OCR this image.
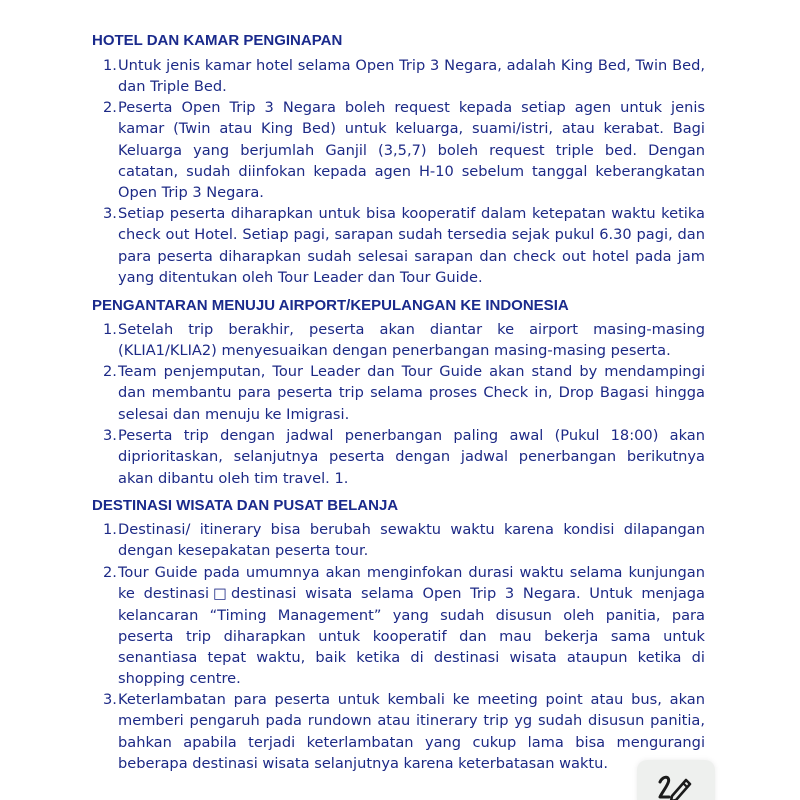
HOTEL DAN KAMAR PENGINAPAN
1. Untuk jenis kamar hotel selama Open Trip 3 Negara, adalah King Bed, Twin Bed, dan Triple Bed.
2. Peserta Open Trip 3 Negara boleh request kepada setiap agen untuk jenis kamar (Twin atau King Bed) untuk keluarga, suami/istri, atau kerabat. Bagi Keluarga yang berjumlah Ganjil (3,5,7) boleh request triple bed. Dengan catatan, sudah diinfokan kepada agen H-10 sebelum tanggal keberangkatan Open Trip 3 Negara.
3. Setiap peserta diharapkan untuk bisa kooperatif dalam ketepatan waktu ketika check out Hotel. Setiap pagi, sarapan sudah tersedia sejak pukul 6.30 pagi, dan para peserta diharapkan sudah selesai sarapan dan check out hotel pada jam yang ditentukan oleh Tour Leader dan Tour Guide.
PENGANTARAN MENUJU AIRPORT/KEPULANGAN KE INDONESIA
1. Setelah trip berakhir, peserta akan diantar ke airport masing-masing (KLIA1/KLIA2) menyesuaikan dengan penerbangan masing-masing peserta.
2. Team penjemputan, Tour Leader dan Tour Guide akan stand by mendampingi dan membantu para peserta trip selama proses Check in, Drop Bagasi hingga selesai dan menuju ke Imigrasi.
3. Peserta trip dengan jadwal penerbangan paling awal (Pukul 18:00) akan diprioritaskan, selanjutnya peserta dengan jadwal penerbangan berikutnya akan dibantu oleh tim travel. 1.
DESTINASI WISATA DAN PUSAT BELANJA
1. Destinasi/ itinerary bisa berubah sewaktu waktu karena kondisi dilapangan dengan kesepakatan peserta tour.
2. Tour Guide pada umumnya akan menginfokan durasi waktu selama kunjungan ke destinasi□destinasi wisata selama Open Trip 3 Negara. Untuk menjaga kelancaran “Timing Management” yang sudah disusun oleh panitia, para peserta trip diharapkan untuk kooperatif dan mau bekerja sama untuk senantiasa tepat waktu, baik ketika di destinasi wisata ataupun ketika di shopping centre.
3. Keterlambatan para peserta untuk kembali ke meeting point atau bus, akan memberi pengaruh pada rundown atau itinerary trip yg sudah disusun panitia, bahkan apabila terjadi keterlambatan yang cukup lama bisa mengurangi beberapa destinasi wisata selanjutnya karena keterbatasan waktu.
